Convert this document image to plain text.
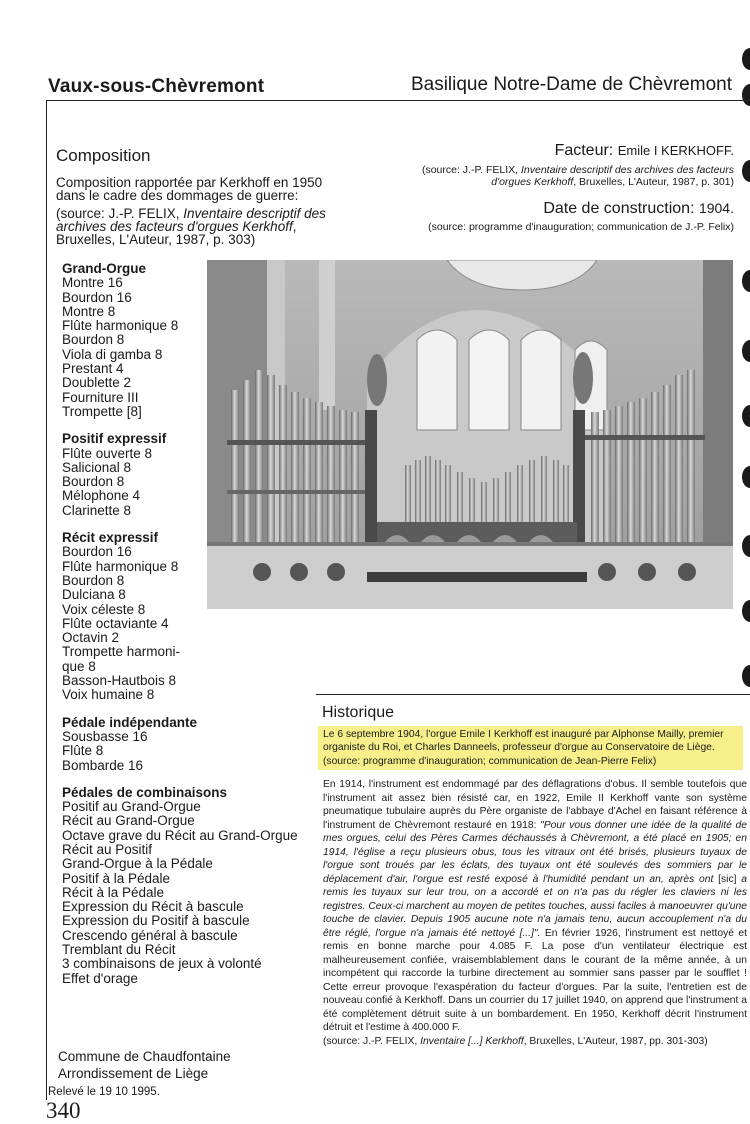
Vaux-sous-Chèvremont	Basilique Notre-Dame de Chèvremont
Composition
Composition rapportée par Kerkhoff en 1950 dans le cadre des dommages de guerre:
(source: J.-P. FELIX, Inventaire descriptif des archives des facteurs d'orgues Kerkhoff, Bruxelles, L'Auteur, 1987, p. 303)
Grand-Orgue
Montre 16
Bourdon 16
Montre 8
Flûte harmonique 8
Bourdon 8
Viola di gamba 8
Prestant 4
Doublette 2
Fourniture III
Trompette [8]
Positif expressif
Flûte ouverte 8
Salicional 8
Bourdon 8
Mélophone 4
Clarinette 8
Récit expressif
Bourdon 16
Flûte harmonique 8
Bourdon 8
Dulciana 8
Voix céleste 8
Flûte octaviante 4
Octavin 2
Trompette harmoni-
que 8
Basson-Hautbois 8
Voix humaine 8
Pédale indépendante
Sousbasse 16
Flûte 8
Bombarde 16
Pédales de combinaisons
Positif au Grand-Orgue
Récit au Grand-Orgue
Octave grave du Récit au Grand-Orgue
Récit au Positif
Grand-Orgue à la Pédale
Positif à la Pédale
Récit à la Pédale
Expression du Récit à bascule
Expression du Positif à bascule
Crescendo général à bascule
Tremblant du Récit
3 combinaisons de jeux à volonté
Effet d'orage
Commune de Chaudfontaine
Arrondissement de Liège
Relevé le 19 10 1995.
340
Facteur: Emile I KERKHOFF.
(source: J.-P. FELIX, Inventaire descriptif des archives des facteurs d'orgues Kerkhoff, Bruxelles, L'Auteur, 1987, p. 301)
Date de construction: 1904.
(source: programme d'inauguration; communication de J.-P. Felix)
Historique
Le 6 septembre 1904, l'orgue Emile I Kerkhoff est inauguré par Alphonse Mailly, premier organiste du Roi, et Charles Danneels, professeur d'orgue au Conservatoire de Liège. (source: programme d'inauguration; communication de Jean-Pierre Felix)
En 1914, l'instrument est endommagé par des déflagrations d'obus. Il semble toutefois que l'instrument ait assez bien résisté car, en 1922, Emile II Kerkhoff vante son système pneumatique tubulaire auprès du Père organiste de l'abbaye d'Achel en faisant référence à l'instrument de Chèvremont restauré en 1918: "Pour vous donner une idée de la qualité de mes orgues, celui des Pères Carmes déchaussés à Chèvremont, a été placé en 1905; en 1914, l'église a reçu plusieurs obus, tous les vitraux ont été brisés, plusieurs tuyaux de l'orgue sont troués par les éclats, des tuyaux ont été soulevés des sommiers par le déplacement d'air, l'orgue est resté exposé à l'humidité pendant un an, après ont [sic] a remis les tuyaux sur leur trou, on a accordé et on n'a pas du régler les claviers ni les registres. Ceux-ci marchent au moyen de petites touches, aussi faciles à manoeuvrer qu'une touche de clavier. Depuis 1905 aucune note n'a jamais tenu, aucun accouplement n'a du être réglé, l'orgue n'a jamais été nettoyé [...]". En février 1926, l'instrument est nettoyé et remis en bonne marche pour 4.085 F. La pose d'un ventilateur électrique est malheureusement confiée, vraisemblablement dans le courant de la même année, à un incompétent qui raccorde la turbine directement au sommier sans passer par le soufflet ! Cette erreur provoque l'exaspération du facteur d'orgues. Par la suite, l'entretien est de nouveau confié à Kerkhoff. Dans un courrier du 17 juillet 1940, on apprend que l'instrument a été complètement détruit suite à un bombardement. En 1950, Kerkhoff décrit l'instrument détruit et l'estime à 400.000 F.
(source: J.-P. FELIX, Inventaire [...] Kerkhoff, Bruxelles, L'Auteur, 1987, pp. 301-303)
